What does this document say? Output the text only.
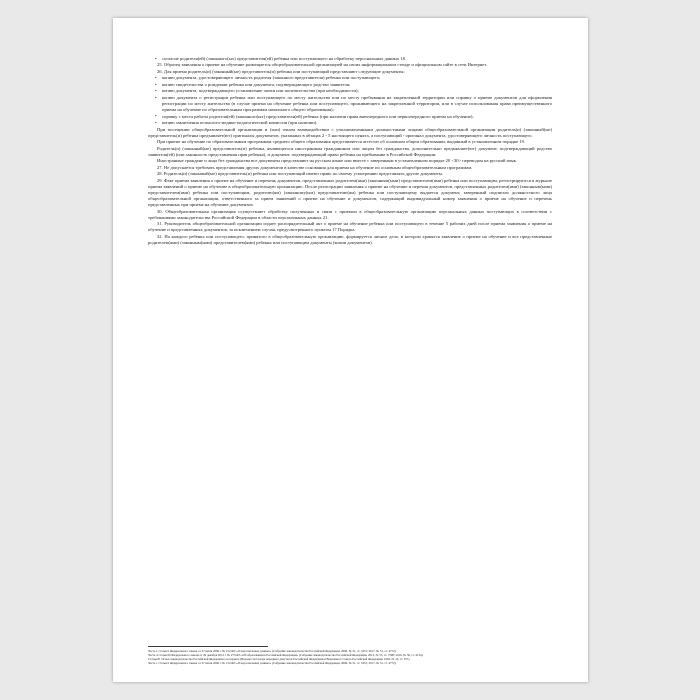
• согласие родителя(ей) (законного(ых) представителя(ей) ребенка или поступающего на обработку персональных данных 18.

25. Образец заявления о приеме на обучение размещается общеобразовательной организацией на своих информационном стенде и официальном сайте в сети Интернет.

26. Для приема родитель(и) (законный(ые) представитель(и) ребенка или поступающий представляют следующие документы:

• копию документа, удостоверяющего личность родителя (законного представителя) ребенка или поступающего;
• копию свидетельства о рождении ребенка или документа, подтверждающего родство заявителя;
• копию документа, подтверждающего установление опеки или попечительства (при необходимости);
• копию документа о регистрации ребенка или поступающего по месту жительства или по месту пребывания на закрепленной территории или справку о приеме документов для оформления регистрации по месту жительства (в случае приема на обучение ребенка или поступающего, проживающего на закрепленной территории, или в случае использования права преимущественного приема на обучение по образовательным программам начального общего образования);
• справку с места работы родителя(ей) (законного(ых) представителя(ей) ребенка (при наличии права внеочередного или первоочередного приема на обучение);
• копию заключения психолого-медико-педагогической комиссии (при наличии).

При посещении общеобразовательной организации и (или) очном взаимодействии с уполномоченными должностными лицами общеобразовательной организации родитель(и) (законный(ые) представитель(и) ребенка предъявляет(ют) оригиналы документов, указанных в абзацах 2 - 5 настоящего пункта, а поступающий - оригинал документа, удостоверяющего личность поступающего.

При приеме на обучение по образовательным программам среднего общего образования представляется аттестат об основном общем образовании, выданный в установленном порядке 19.

Родитель(и) (законный(ые) представитель(и) ребенка, являющегося иностранным гражданином или лицом без гражданства, дополнительно предъявляет(ют) документ, подтверждающий родство заявителя(ей) (или законность представления прав ребенка), и документ, подтверждающий право ребенка на пребывание в Российской Федерации.

Иностранные граждане и лица без гражданства все документы представляют на русском языке или вместе с заверенным в установленном порядке 20 <30> переводом на русский язык.

27. Не допускается требовать представления других документов в качестве основания для приема на обучение по основным общеобразовательным программам.

28. Родитель(и) (законный(ые) представитель(и) ребенка или поступающий имеют право по своему усмотрению представлять другие документы.

29. Факт приема заявления о приеме на обучение и перечень документов, представленных родителем(ями) (законным(ыми) представителем(ями) ребенка или поступающим, регистрируются в журнале приема заявлений о приеме на обучение в общеобразовательную организацию. После регистрации заявления о приеме на обучение и перечня документов, представленных родителем(ями) (законным(ыми) представителем(ями) ребенка или поступающим, родителю(ям) (законному(ым) представителю(ям) ребенка или поступающему выдается документ, заверенный подписью должностного лица общеобразовательной организации, ответственного за прием заявлений о приеме на обучение и документов, содержащий индивидуальный номер заявления о приеме на обучение и перечень представленных при приеме на обучение документов.

30. Общеобразовательная организация осуществляет обработку полученных в связи с приемом в общеобразовательную организацию персональных данных поступающих в соответствии с требованиями законодательства Российской Федерации в области персональных данных 21.

31. Руководитель общеобразовательной организации издает распорядительный акт о приеме на обучение ребенка или поступающего в течение 5 рабочих дней после приема заявления о приеме на обучение и представленных документов, за исключением случая, предусмотренного пунктом 17 Порядка.

32. На каждого ребенка или поступающего, принятого в общеобразовательную организацию, формируется личное дело, в котором хранятся заявление о приеме на обучение и все представленные родителем(ями) (законным(ыми) представителем(ями) ребенка или поступающим документы (копии документов).

Часть 1 статьи 6 Федерального закона от 27 июля 2006 г. № 152-ФЗ «О персональных данных» (Собрание законодательства Российской Федерации, 2006, № 31, ст. 3451; 2017, № 31, ст. 4772).

Часть 4 статьи 60 Федерального закона от 29 декабря 2012 г. № 273-ФЗ «Об образовании в Российской Федерации» (Собрание законодательства Российской Федерации, 2012, № 53, ст. 7598; 2019, № 30, ст. 4134).

Статья 81 Основ законодательства Российской Федерации о нотариате (Ведомости Съезда народных депутатов Российской Федерации и Верховного Совета Российской Федерации, 1993, № 10, ст. 357).

Часть 1 статьи 6 Федерального закона от 27 июля 2006 г. № 152-ФЗ «О персональных данных» (Собрание законодательства Российской Федерации, 2006, № 31, ст. 3451; 2017, № 31, ст. 4772).
